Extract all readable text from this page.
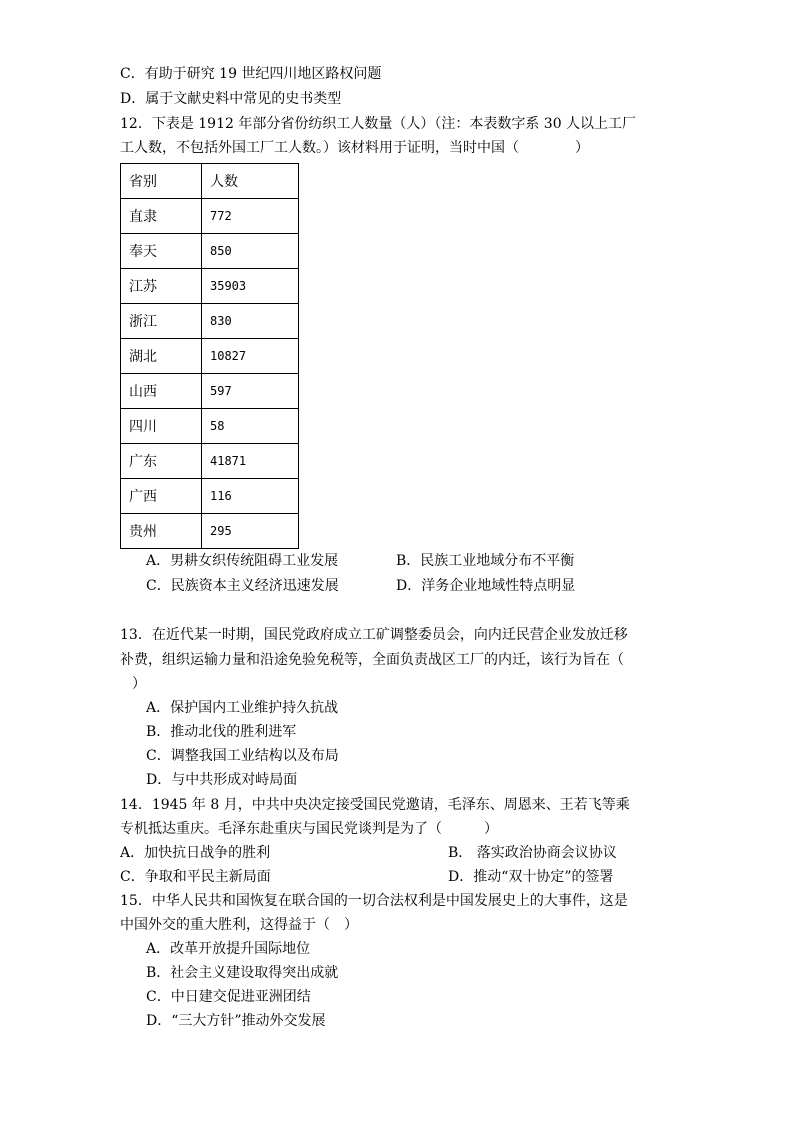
C．有助于研究 19 世纪四川地区路权问题
D．属于文献史料中常见的史书类型
12．下表是 1912 年部分省份纺织工人数量（人）（注：本表数字系 30 人以上工厂
工人数，不包括外国工厂工人数。）该材料用于证明，当时中国（　　　　）
省别	人数
直隶	772
奉天	850
江苏	35903
浙江	830
湖北	10827
山西	597
四川	58
广东	41871
广西	116
贵州	295
A．男耕女织传统阻碍工业发展	B．民族工业地域分布不平衡
C．民族资本主义经济迅速发展	D．洋务企业地域性特点明显
13．在近代某一时期，国民党政府成立工矿调整委员会，向内迁民营企业发放迁移
补费，组织运输力量和沿途免验免税等，全面负责战区工厂的内迁，该行为旨在（
）
A．保护国内工业维护持久抗战
B．推动北伐的胜利进军
C．调整我国工业结构以及布局
D．与中共形成对峙局面
14．1945 年 8 月，中共中央决定接受国民党邀请，毛泽东、周恩来、王若飞等乘
专机抵达重庆。毛泽东赴重庆与国民党谈判是为了（　　　）
A．加快抗日战争的胜利	B． 落实政治协商会议协议
C．争取和平民主新局面	D．推动“双十协定”的签署
15．中华人民共和国恢复在联合国的一切合法权利是中国发展史上的大事件，这是
中国外交的重大胜利，这得益于（　）
A．改革开放提升国际地位
B．社会主义建设取得突出成就
C．中日建交促进亚洲团结
D．“三大方针”推动外交发展
